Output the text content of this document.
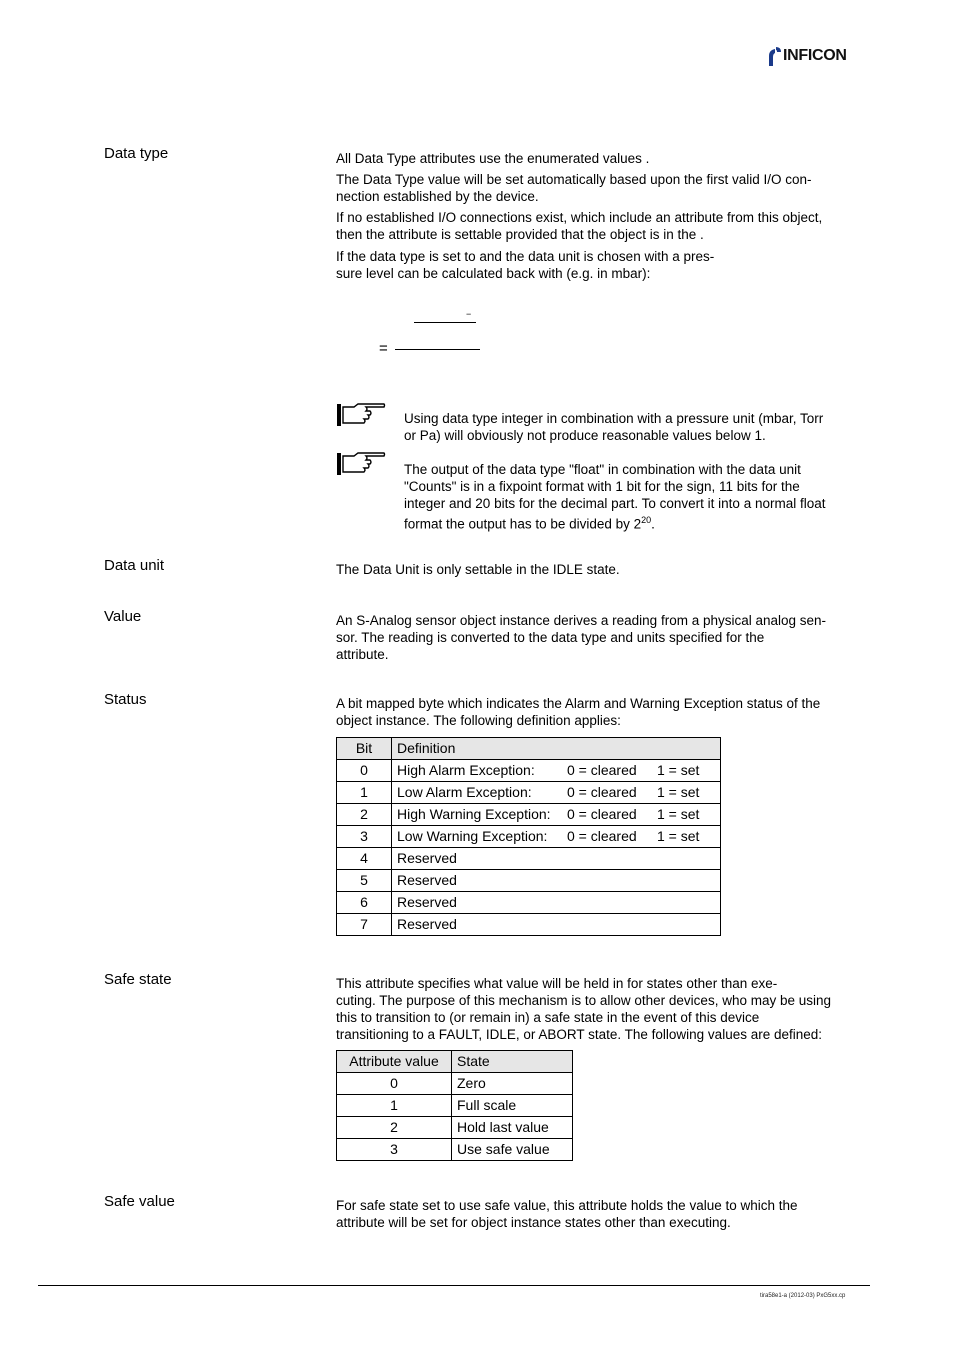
INFICON
Data type	All Data Type attributes use the enumerated values .
The Data Type value will be set automatically based upon the first valid I/O con-
nection established by the device.
If no established I/O connections exist, which include an attribute from this object,
then the attribute is settable provided that the object is in the .
If the data type is set to and the data unit is chosen with a pres-
sure level can be calculated back with (e.g. in mbar):
−
=
Using data type integer in combination with a pressure unit (mbar, Torr
or Pa) will obviously not produce reasonable values below 1.
The output of the data type "float" in combination with the data unit
"Counts" is in a fixpoint format with 1 bit for the sign, 11 bits for the
integer and 20 bits for the decimal part. To convert it into a normal float
format the output has to be divided by $2^{20}$.
Data unit	The Data Unit is only settable in the IDLE state.
Value	An S-Analog sensor object instance derives a reading from a physical analog sen-
sor. The reading is converted to the data type and units specified for the
attribute.
Status	A bit mapped byte which indicates the Alarm and Warning Exception status of the
object instance. The following definition applies:
Bit	Definition		
0	High Alarm Exception:	0 = cleared	1 = set
1	Low Alarm Exception:	0 = cleared	1 = set
2	High Warning Exception:	0 = cleared	1 = set
3	Low Warning Exception:	0 = cleared	1 = set
4	Reserved		
5	Reserved		
6	Reserved		
7	Reserved		
Safe state	This attribute specifies what value will be held in for states other than exe-
cuting. The purpose of this mechanism is to allow other devices, who may be using
this to transition to (or remain in) a safe state in the event of this device
transitioning to a FAULT, IDLE, or ABORT state. The following values are defined:
Attribute value	State
0	Zero
1	Full scale
2	Hold last value
3	Use safe value
Safe value	For safe state set to use safe value, this attribute holds the value to which the
attribute will be set for object instance states other than executing.
tira58e1-a (2012-03) PxG5xx.cp
